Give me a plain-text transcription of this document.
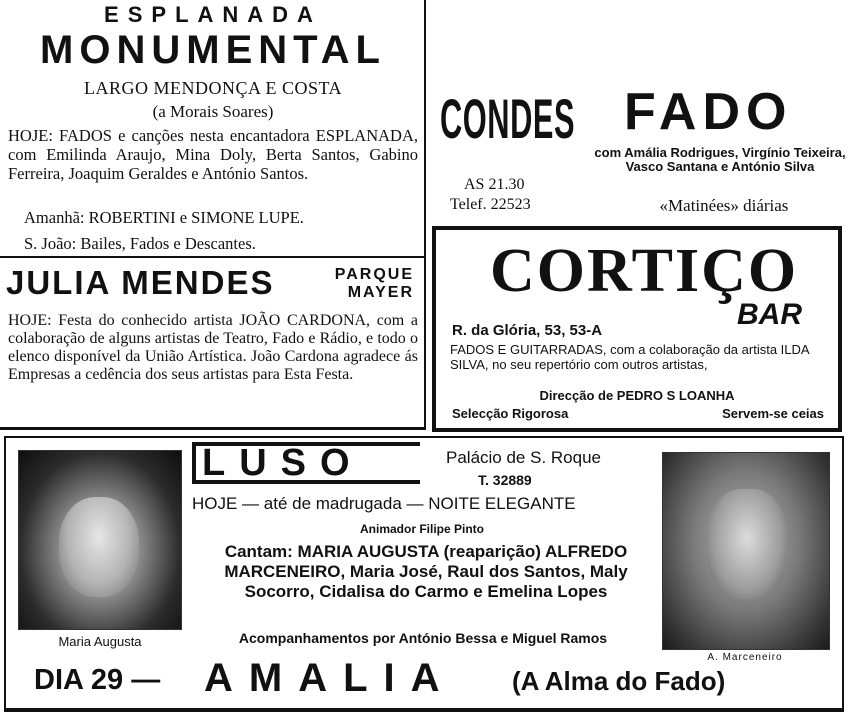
ESPLANADA
MONUMENTAL
LARGO MENDONÇA E COSTA
(a Morais Soares)

HOJE: FADOS e canções nesta encantadora ESPLANADA, com Emilinda Araujo, Mina Doly, Berta Santos, Gabino Ferreira, Joaquim Geraldes e António Santos.

Amanhã: ROBERTINI e SIMONE LUPE.

S. João: Bailes, Fados e Descantes.

JULIA MENDES	PARQUE MAYER

HOJE: Festa do conhecido artista JOÃO CARDONA, com a colaboração de alguns artistas de Teatro, Fado e Rádio, e todo o elenco disponível da União Artística. João Cardona agradece ás Empresas a cedência dos seus artistas para Esta Festa.

CONDES
AS 21.30
Telef. 22523
FADO
com Amália Rodrigues, Virgínio Teixeira, Vasco Santana e António Silva
«Matinées» diárias
CORTIÇO
BAR
R. da Glória, 53, 53-A

FADOS E GUITARRADAS, com a colaboração da artista ILDA SILVA, no seu repertório com outros artistas,

Direcção de PEDRO S LOANHA
Selecção Rigorosa	Servem-se ceias
Maria Augusta
LUSO	Palácio de S. Roque
T. 32889
HOJE — até de madrugada — NOITE ELEGANTE
Animador Filipe Pinto

Cantam: MARIA AUGUSTA (reaparição) ALFREDO MARCENEIRO, Maria José, Raul dos Santos, Maly Socorro, Cidalisa do Carmo e Emelina Lopes

Acompanhamentos por António Bessa e Miguel Ramos
A. Marceneiro
DIA 29 — AMALIA (A Alma do Fado)
